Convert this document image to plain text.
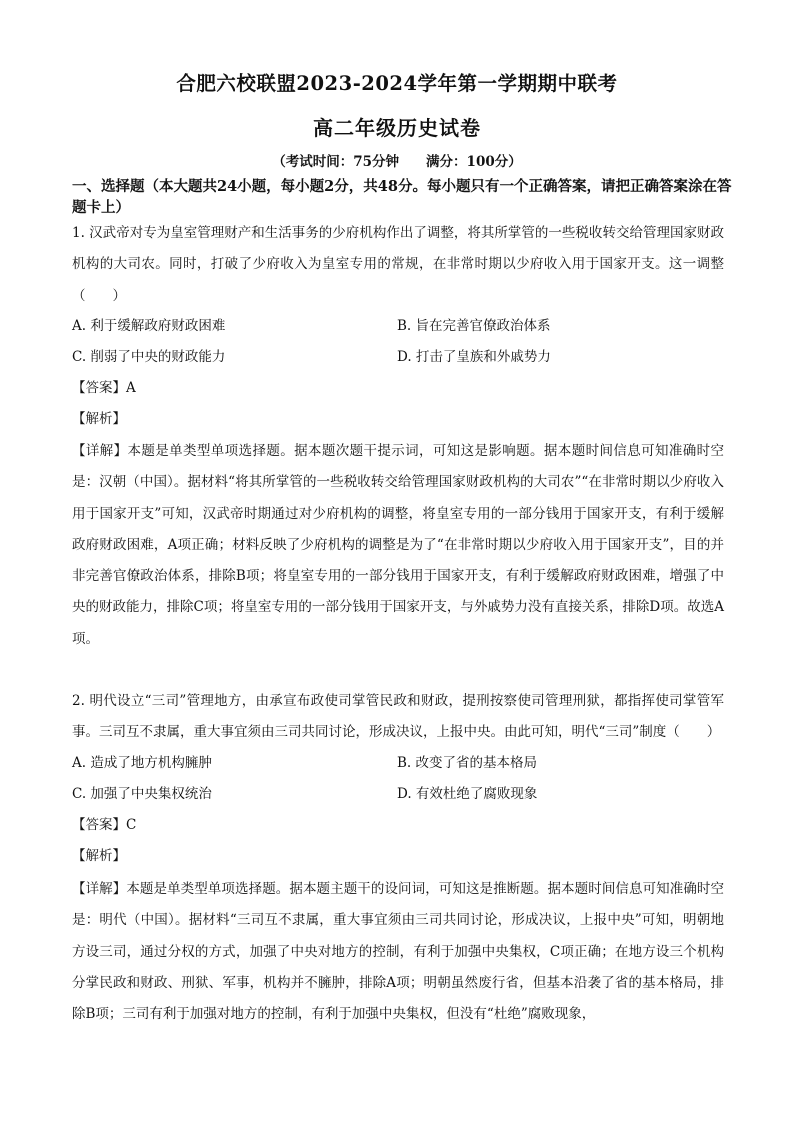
合肥六校联盟2023-2024学年第一学期期中联考
高二年级历史试卷
（考试时间：75分钟　　满分：100分）
一、选择题（本大题共24小题，每小题2分，共48分。每小题只有一个正确答案，请把正确答案涂在答题卡上）
1. 汉武帝对专为皇室管理财产和生活事务的少府机构作出了调整，将其所掌管的一些税收转交给管理国家财政机构的大司农。同时，打破了少府收入为皇室专用的常规，在非常时期以少府收入用于国家开支。这一调整（　　）
A. 利于缓解政府财政困难	B. 旨在完善官僚政治体系
C. 削弱了中央的财政能力	D. 打击了皇族和外戚势力
【答案】A
【解析】
【详解】本题是单类型单项选择题。据本题次题干提示词，可知这是影响题。据本题时间信息可知准确时空是：汉朝（中国）。据材料“将其所掌管的一些税收转交给管理国家财政机构的大司农”“在非常时期以少府收入用于国家开支”可知，汉武帝时期通过对少府机构的调整，将皇室专用的一部分钱用于国家开支，有利于缓解政府财政困难，A项正确；材料反映了少府机构的调整是为了“在非常时期以少府收入用于国家开支”，目的并非完善官僚政治体系，排除B项；将皇室专用的一部分钱用于国家开支，有利于缓解政府财政困难，增强了中央的财政能力，排除C项；将皇室专用的一部分钱用于国家开支，与外戚势力没有直接关系，排除D项。故选A项。
2. 明代设立“三司”管理地方，由承宣布政使司掌管民政和财政，提刑按察使司管理刑狱，都指挥使司掌管军事。三司互不隶属，重大事宜须由三司共同讨论，形成决议，上报中央。由此可知，明代“三司”制度（　　）
A. 造成了地方机构臃肿	B. 改变了省的基本格局
C. 加强了中央集权统治	D. 有效杜绝了腐败现象
【答案】C
【解析】
【详解】本题是单类型单项选择题。据本题主题干的设问词，可知这是推断题。据本题时间信息可知准确时空是：明代（中国）。据材料“三司互不隶属，重大事宜须由三司共同讨论，形成决议，上报中央”可知，明朝地方设三司，通过分权的方式，加强了中央对地方的控制，有利于加强中央集权，C项正确；在地方设三个机构分掌民政和财政、刑狱、军事，机构并不臃肿，排除A项；明朝虽然废行省，但基本沿袭了省的基本格局，排除B项；三司有利于加强对地方的控制，有利于加强中央集权，但没有“杜绝”腐败现象，
